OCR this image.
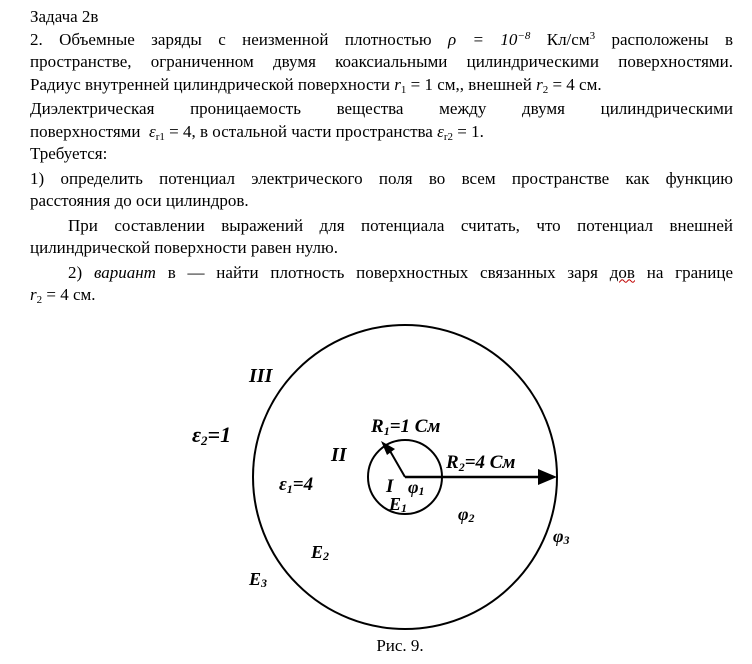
Задача 2в
2. Объемные заряды с неизменной плотностью $\rho = 10^{-8}$ $Кл/см^3$ расположены в
пространстве, ограниченном двумя коаксиальными цилиндрическими поверхностями.
Радиус внутренней цилиндрической поверхности $r_1 = 1$ см,, внешней $r_2 = 4$ см.
Диэлектрическая проницаемость вещества между двумя цилиндрическими
поверхностями $\varepsilon_{r1} = 4$, в остальной части пространства $\varepsilon_{r2} = 1$.
Требуется:
1) определить потенциал электрического поля во всем пространстве как функцию
расстояния до оси цилиндров.
При составлении выражений для потенциала считать, что потенциал внешней
цилиндрической поверхности равен нулю.
2) вариант в — найти плотность поверхностных связанных заря дов на границе
$r_2 = 4$ см.
III
II
I
ε2=1
ε1=4
R1=1 См
R2=4 См
φ1
φ2
φ3
E1
E2
E3
Рис. 9.
